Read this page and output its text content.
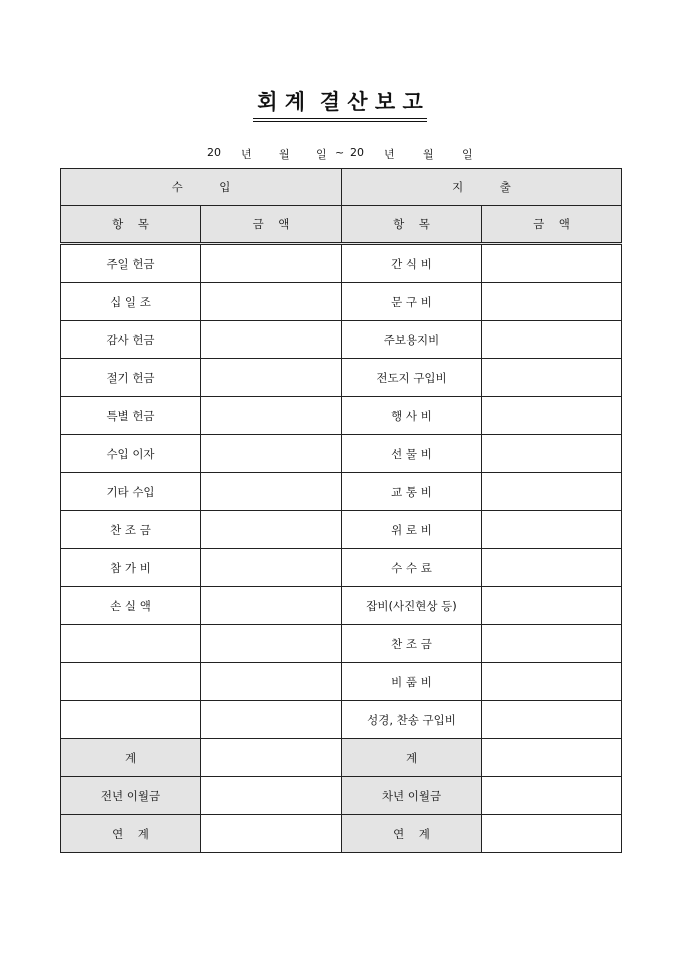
회 계  결 산 보 고
20 년 월 일 ~ 20 년	월	일
수          입		지          출	
항    목	금    액	항    목	금    액
주일 헌금		간 식 비	
십 일 조		문 구 비	
감사 헌금		주보용지비	
절기 헌금		전도지 구입비	
특별 헌금		행 사 비	
수입 이자		선 물 비	
기타 수입		교 통 비	
찬 조 금		위 로 비	
참 가 비		수 수 료	
손 실 액		잡비(사진현상 등)	
		찬 조 금	
		비 품 비	
		성경, 찬송 구입비	
계		계	
전년 이월금		차년 이월금	
연    계		연    계	
